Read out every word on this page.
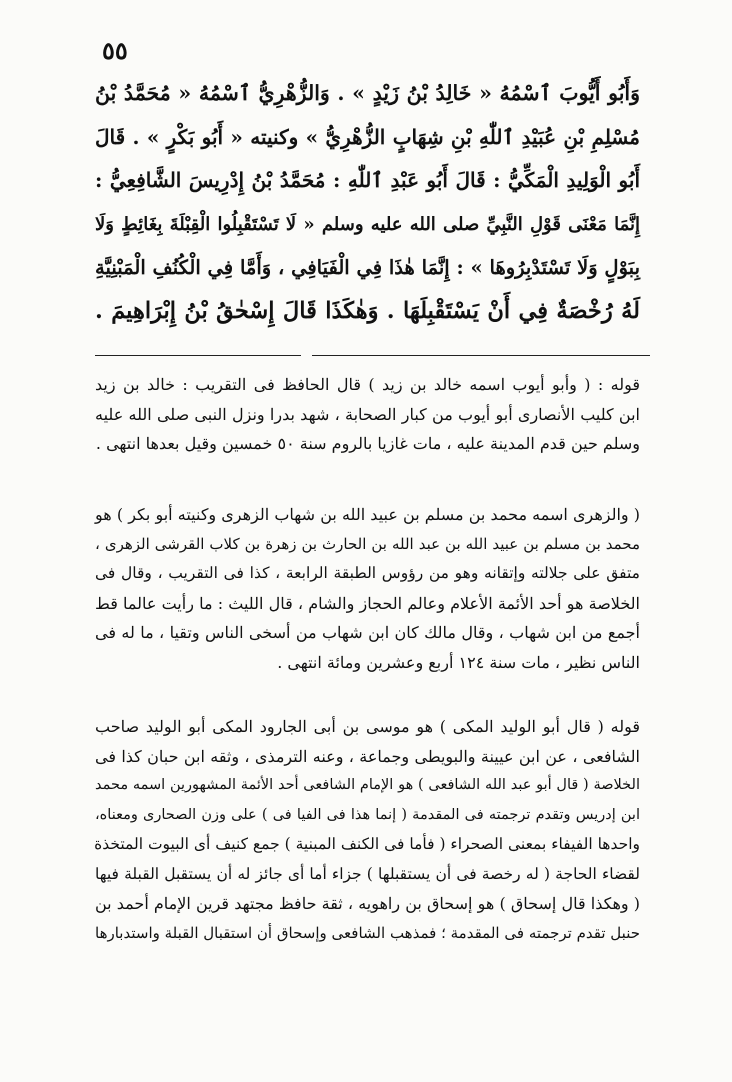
٥٥
وَأَبُو أَيُّوبَ ٱسْمُهُ « خَالِدُ بْنُ زَيْدٍ » . وَالزُّهْرِيُّ ٱسْمُهُ « مُحَمَّدُ بْنُ
مُسْلِمِ بْنِ عُبَيْدِ ٱللّٰهِ بْنِ شِهَابٍ الزُّهْرِيُّ » وكنيته « أَبُو بَكْرٍ » . قَالَ
أَبُو الْوَلِيدِ الْمَكِّيُّ : قَالَ أَبُو عَبْدِ ٱللّٰهِ : مُحَمَّدُ بْنُ إِدْرِيسَ الشَّافِعِيُّ :
إِنَّمَا مَعْنَى قَوْلِ النَّبِيِّ صلى الله عليه وسلم « لَا تَسْتَقْبِلُوا الْقِبْلَةَ بِغَائِطٍ وَلَا
بِبَوْلٍ وَلَا تَسْتَدْبِرُوهَا » : إِنَّمَا هٰذَا فِي الْفَيَافِي ، وَأَمَّا فِي الْكُنُفِ الْمَبْنِيَّةِ
لَهُ رُخْصَةٌ فِي أَنْ يَسْتَقْبِلَهَا . وَهٰكَذَا قَالَ إِسْحٰقُ بْنُ إِبْرَاهِيمَ .
قوله : ( وأبو أيوب اسمه خالد بن زيد ) قال الحافظ فى التقريب : خالد بن زيد
ابن كليب الأنصارى أبو أيوب من كبار الصحابة ، شهد بدرا ونزل النبى صلى الله عليه
وسلم حين قدم المدينة عليه ، مات غازيا بالروم سنة ٥٠ خمسين وقيل بعدها انتهى .
( والزهرى اسمه محمد بن مسلم بن عبيد الله بن شهاب الزهرى وكنيته أبو بكر ) هو
محمد بن مسلم بن عبيد الله بن عبد الله بن الحارث بن زهرة بن كلاب القرشى الزهرى ،
متفق على جلالته وإتقانه وهو من رؤوس الطبقة الرابعة ، كذا فى التقريب ، وقال فى
الخلاصة هو أحد الأئمة الأعلام وعالم الحجاز والشام ، قال الليث : ما رأيت عالما قط
أجمع من ابن شهاب ، وقال مالك كان ابن شهاب من أسخى الناس وتقيا ، ما له فى
الناس نظير ، مات سنة ١٢٤ أربع وعشرين ومائة انتهى .
قوله ( قال أبو الوليد المكى ) هو موسى بن أبى الجارود المكى أبو الوليد صاحب
الشافعى ، عن ابن عيينة والبويطى وجماعة ، وعنه الترمذى ، وثقه ابن حبان كذا فى
الخلاصة ( قال أبو عبد الله الشافعى ) هو الإمام الشافعى أحد الأئمة المشهورين اسمه محمد
ابن إدريس وتقدم ترجمته فى المقدمة ( إنما هذا فى الفيا فى ) على وزن الصحارى ومعناه،
واحدها الفيفاء بمعنى الصحراء ( فأما فى الكنف المبنية ) جمع كنيف أى البيوت المتخذة
لقضاء الحاجة ( له رخصة فى أن يستقبلها ) جزاء أما أى جائز له أن يستقبل القبلة فيها
( وهكذا قال إسحاق ) هو إسحاق بن راهويه ، ثقة حافظ مجتهد قرين الإمام أحمد بن
حنبل تقدم ترجمته فى المقدمة ؛ فمذهب الشافعى وإسحاق أن استقبال القبلة واستدبارها
